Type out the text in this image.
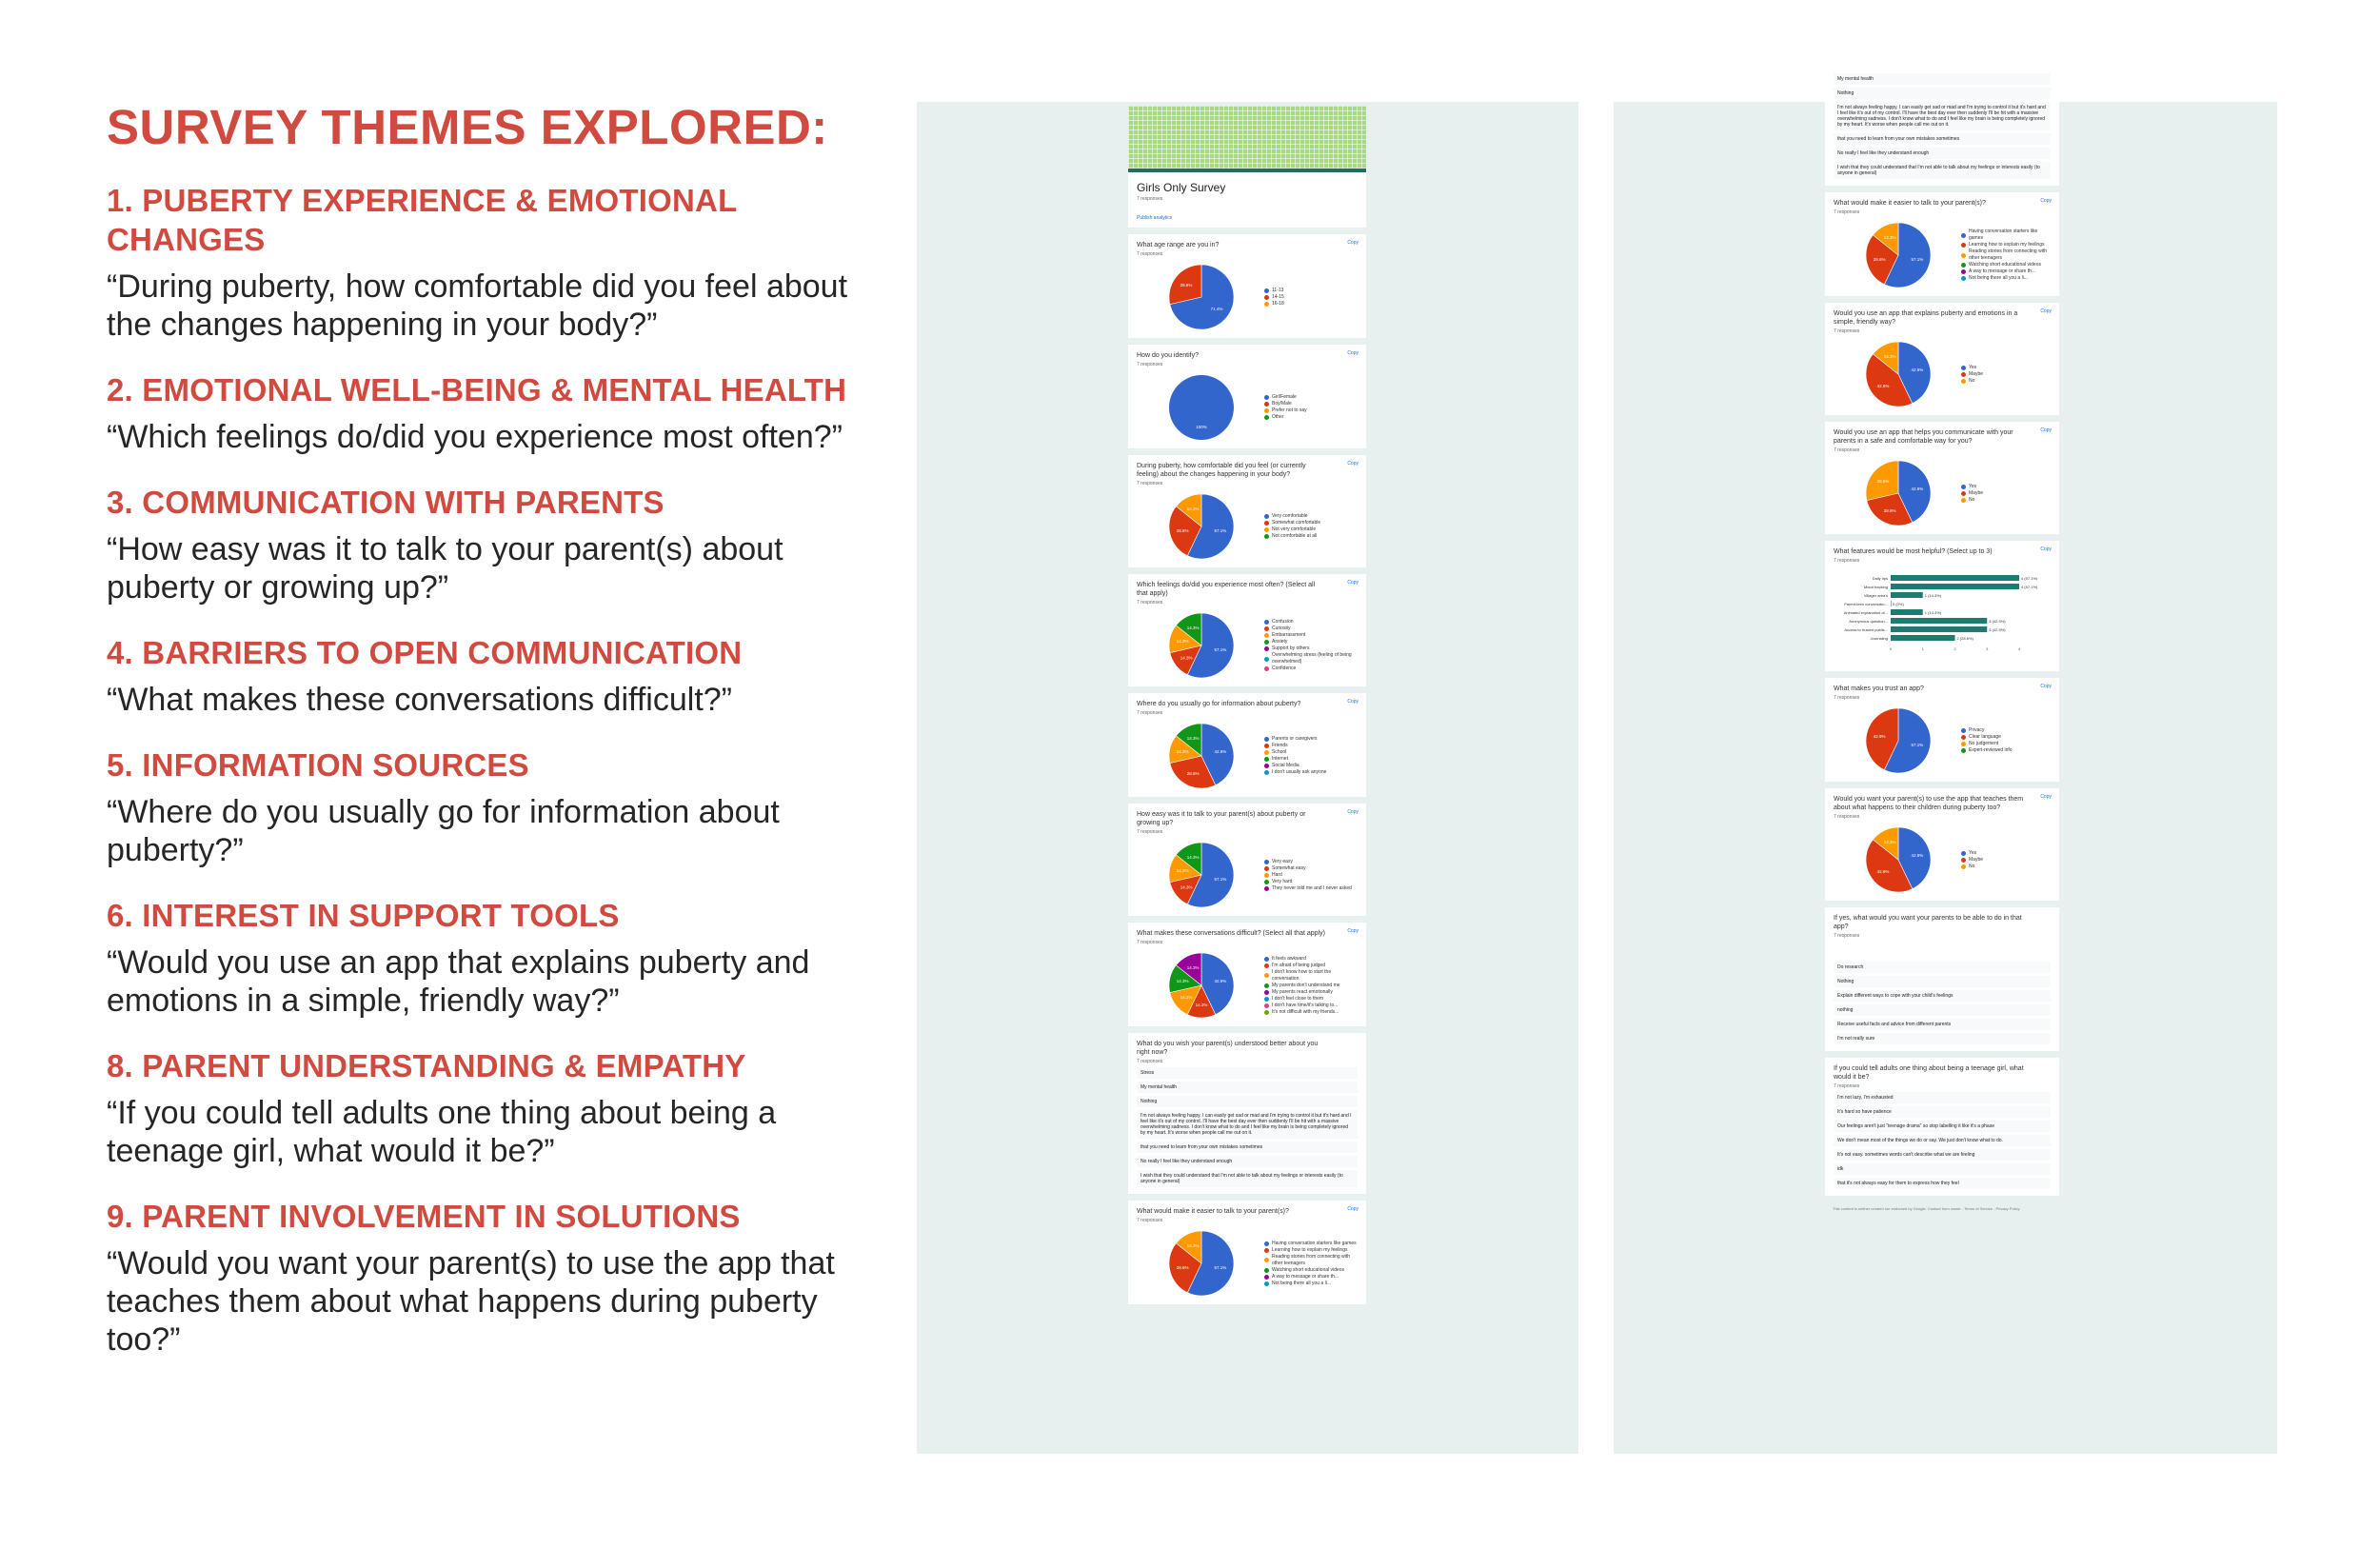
SURVEY THEMES EXPLORED:
1. PUBERTY EXPERIENCE & EMOTIONAL CHANGES
“During puberty, how comfortable did you feel about the changes happening in your body?”
2. EMOTIONAL WELL-BEING & MENTAL HEALTH
“Which feelings do/did you experience most often?”
3. COMMUNICATION WITH PARENTS
“How easy was it to talk to your parent(s) about puberty or growing up?”
4. BARRIERS TO OPEN COMMUNICATION
“What makes these conversations difficult?”
5. INFORMATION SOURCES
“Where do you usually go for information about puberty?”
6. INTEREST IN SUPPORT TOOLS
“Would you use an app that explains puberty and emotions in a simple, friendly way?”
8. PARENT UNDERSTANDING & EMPATHY
“If you could tell adults one thing about being a teenage girl, what would it be?”
9. PARENT INVOLVEMENT IN SOLUTIONS
“Would you want your parent(s) to use the app that teaches them about what happens during puberty too?”
Girls Only Survey
7 responses
Publish analytics
Copy
What age range are you in?
7 responses
71.4%
28.6%
11-13
14-15
16-18
Copy
How do you identify?
7 responses
100%
Girl/Female
Boy/Male
Prefer not to say
Other
Copy
During puberty, how comfortable did you feel (or currently feeling) about the changes happening in your body?
7 responses
57.1%
28.6%
14.3%
Very comfortable
Somewhat comfortable
Not very comfortable
Not comfortable at all
Copy
Which feelings do/did you experience most often? (Select all that apply)
7 responses
57.1%
14.3%
14.3%
14.3%
Confusion
Curiosity
Embarrassment
Anxiety
Support by others
Overwhelming stress (feeling of being overwhelmed)
Confidence
Copy
Where do you usually go for information about puberty?
7 responses
42.9%
28.6%
14.3%
14.3%	Parents or caregivers
Friends
School
Internet
Social Media
I don't usually ask anyone
Copy
How easy was it to talk to your parent(s) about puberty or growing up?
7 responses
57.1%
14.3%
14.3%
14.3%
Very easy
Somewhat easy
Hard
Very hard
They never told me and I never asked
Copy
What makes these conversations difficult? (Select all that apply)
7 responses
42.9%
14.3%
14.3%
14.3%
14.3%
It feels awkward
I'm afraid of being judged
I don't know how to start the conversation
My parents don't understand me
My parents react emotionally
I don't feel close to them
I don't have time/it's talking to...
It's not difficult with my friends...
What do you wish your parent(s) understood better about you right now?
7 responses
Stress
My mental health
Nothing
I'm not always feeling happy. I can easily get sad or mad and I'm trying to control it but it's hard and I feel like it's out of my control. I'll have the best day ever then suddenly I'll be hit with a massive overwhelming sadness. I don't know what to do and I feel like my brain is being completely ignored by my heart. It's worse when people call me out on it.
that you need to learn from your own mistakes sometimes
No really I feel like they understand enough
I wish that they could understand that I'm not able to talk about my feelings or interests easily (to anyone in general)
Copy
What would make it easier to talk to your parent(s)?
7 responses
57.1%
28.6%
14.3%
Having conversation starters like games
Learning how to explain my feelings
Reading stories from connecting with other teenagers
Watching short educational videos
A way to message or share th...
Not being there all you a li...
My mental health
Nothing
I'm not always feeling happy. I can easily get sad or mad and I'm trying to control it but it's hard and I feel like it's out of my control. I'll have the best day ever then suddenly I'll be hit with a massive overwhelming sadness. I don't know what to do and I feel like my brain is being completely ignored by my heart. It's worse when people call me out on it.
that you need to learn from your own mistakes sometimes
No really I feel like they understand enough
I wish that they could understand that I'm not able to talk about my feelings or interests easily (to anyone in general)
Copy
What would make it easier to talk to your parent(s)?
7 responses
57.1%
28.6%
14.3%
Having conversation starters like games
Learning how to explain my feelings
Reading stories from connecting with other teenagers
Watching short educational videos
A way to message or share th...
Not being there all you a li...
Copy
Would you use an app that explains puberty and emotions in a simple, friendly way?
7 responses
42.9%
42.9%
14.3%
Yes
Maybe
No
Copy
Would you use an app that helps you communicate with your parents in a safe and comfortable way for you?
7 responses
42.9%
28.6%
28.6%
Yes
Maybe
No
Copy
What features would be most helpful? (Select up to 3)
7 responses
Daily tips	4 (57.1%)
Mood tracking	4 (57.1%)
Villager area's	1 (14.3%)
Parent-teen conversatio... 0 (0%)
Animated explanation of...	1 (14.3%)
Anonymous question...	3 (42.9%)
Access to trusted publis...	3 (42.9%)
Journaling	2 (28.6%)
0	1	2	3	4
Copy
What makes you trust an app?
7 responses
57.1%
42.9%
Privacy
Clear language
No judgement
Expert-reviewed info
Copy
Would you want your parent(s) to use the app that teaches them about what happens to their children during puberty too?
7 responses
42.9%
42.9%
14.3%
Yes
Maybe
No
If yes, what would you want your parents to be able to do in that app?
7 responses
Do research
Nothing
Explain different ways to cope with your child's feelings
nothing
Receive useful facts and advice from different parents
I'm not really sure
If you could tell adults one thing about being a teenage girl, what would it be?
7 responses
I'm not lazy, I'm exhausted
It's hard so have patience
Our feelings aren't just "teenage drama" so stop labelling it like it's a phase
We don't mean most of the things we do or say. We just don't know what to do.
It's not easy. sometimes words can't describe what we are feeling
idk
that it's not always easy for them to express how they feel
This content is neither created nor endorsed by Google. Contact form owner - Terms of Service - Privacy Policy
